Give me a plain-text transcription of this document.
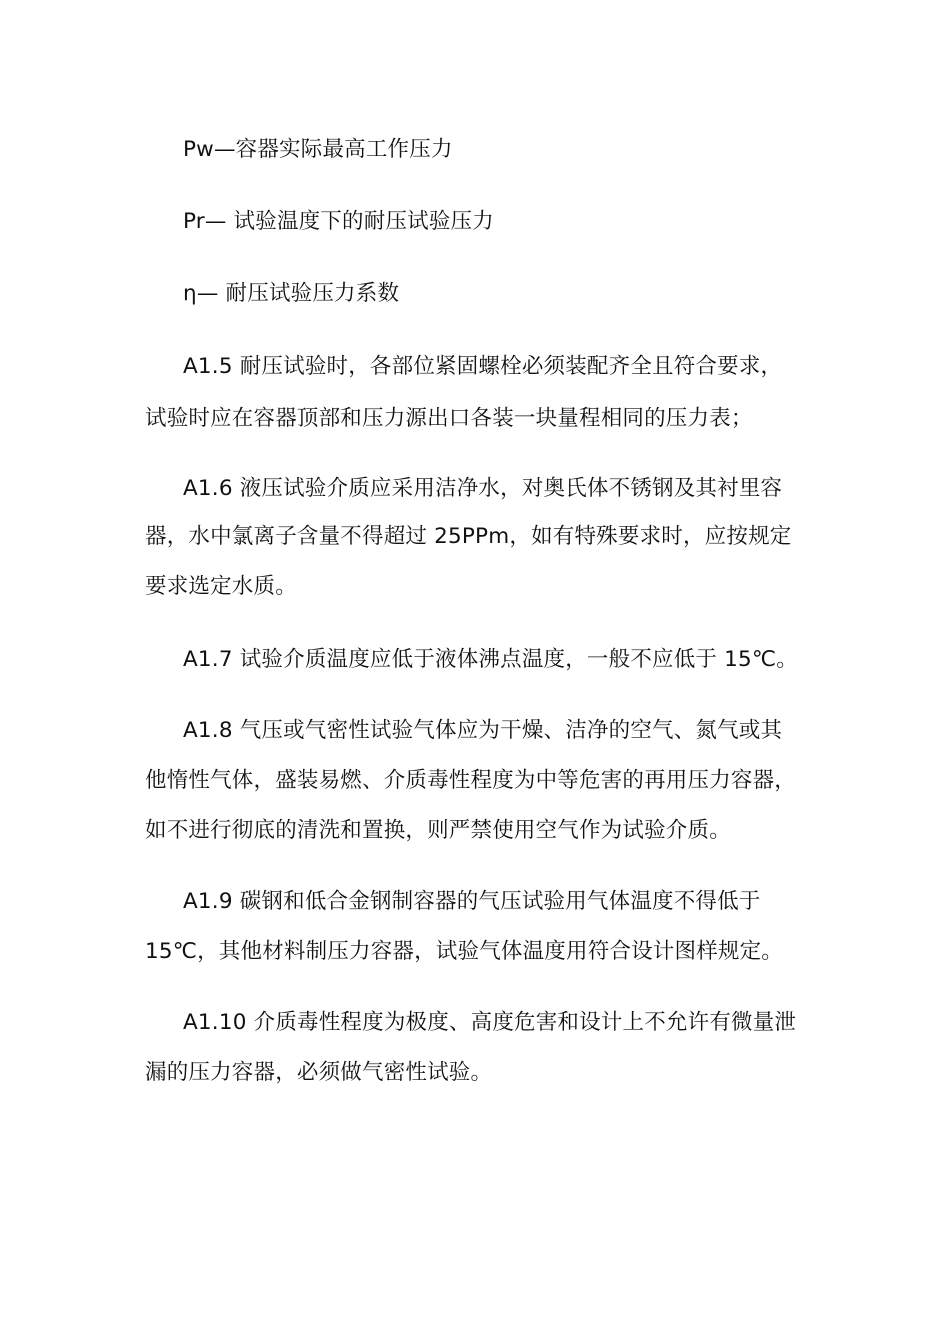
Pw—容器实际最高工作压力

Pr— 试验温度下的耐压试验压力

η— 耐压试验压力系数

A1.5 耐压试验时，各部位紧固螺栓必须装配齐全且符合要求，

试验时应在容器顶部和压力源出口各装一块量程相同的压力表；

A1.6 液压试验介质应采用洁净水，对奥氏体不锈钢及其衬里容

器，水中氯离子含量不得超过 25PPm，如有特殊要求时，应按规定

要求选定水质。

A1.7 试验介质温度应低于液体沸点温度，一般不应低于 15℃。

A1.8 气压或气密性试验气体应为干燥、洁净的空气、氮气或其

他惰性气体，盛装易燃、介质毒性程度为中等危害的再用压力容器，

如不进行彻底的清洗和置换，则严禁使用空气作为试验介质。

A1.9 碳钢和低合金钢制容器的气压试验用气体温度不得低于

15℃，其他材料制压力容器，试验气体温度用符合设计图样规定。

A1.10 介质毒性程度为极度、高度危害和设计上不允许有微量泄

漏的压力容器，必须做气密性试验。
